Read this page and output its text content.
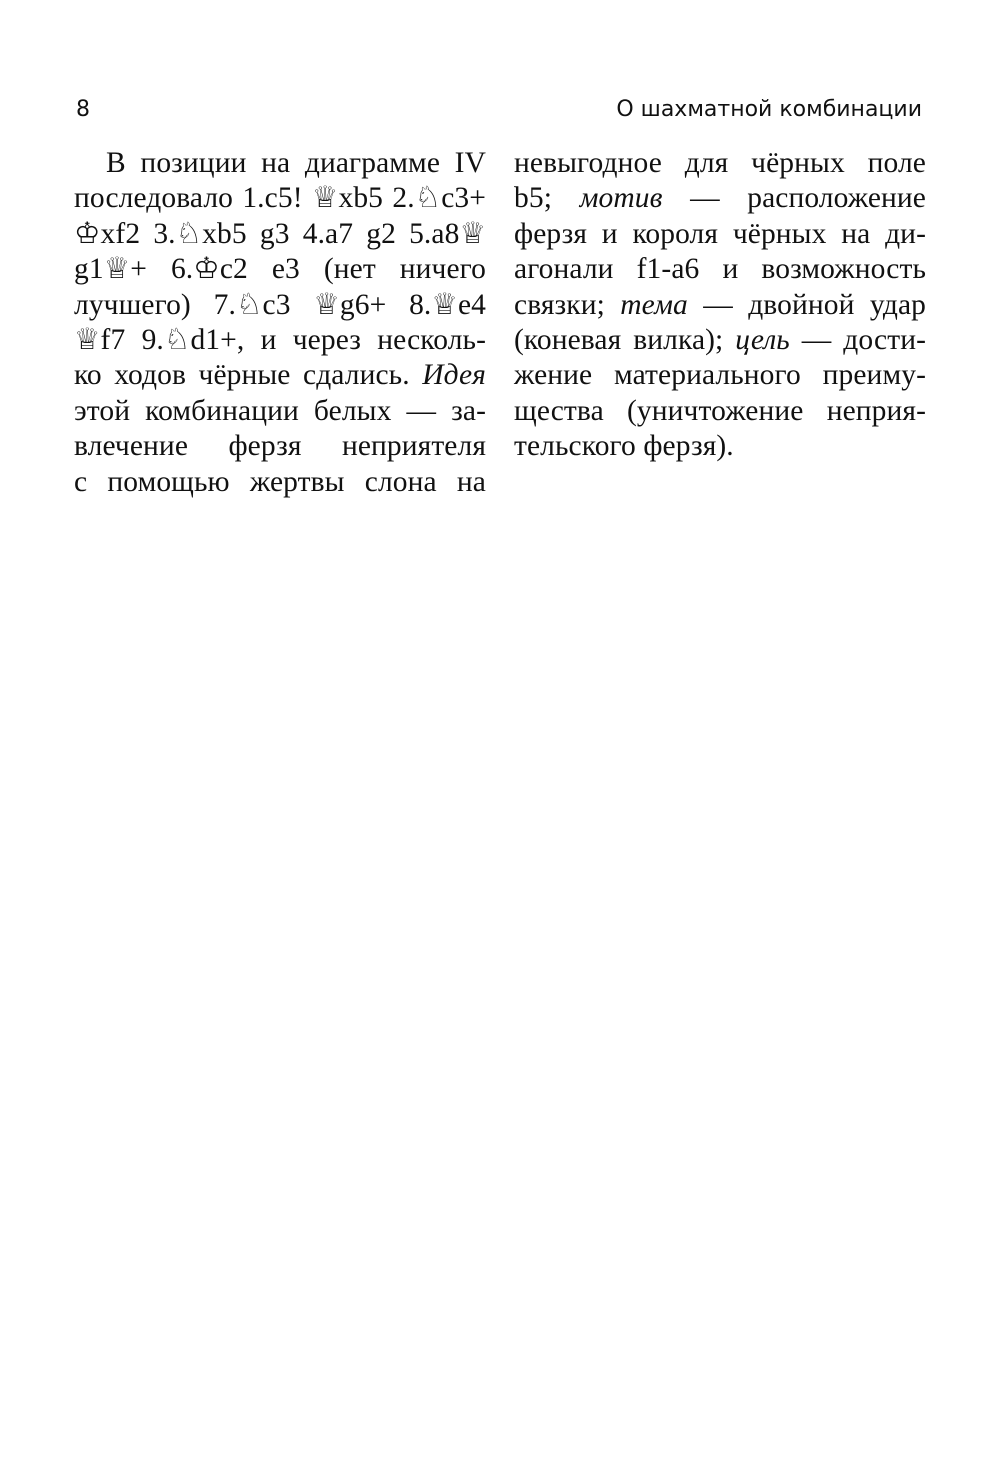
8	О шахматной комбинации
В позиции на диаграмме IV
последовало 1.c5! ♕xb5 2.♘c3+
♔xf2 3.♘xb5 g3 4.a7 g2 5.a8♕
g1♕+ 6.♔c2 e3 (нет ничего
лучшего) 7.♘c3 ♕g6+ 8.♕e4
♕f7 9.♘d1+, и через несколь-
ко ходов чёрные сдались. Идея
этой комбинации белых — за-
влечение ферзя неприятеля
с помощью жертвы слона на
невыгодное для чёрных поле
b5; мотив — расположение
ферзя и короля чёрных на ди-
агонали f1-a6 и возможность
связки; тема — двойной удар
(коневая вилка); цель — дости-
жение материального преиму-
щества (уничтожение неприя-
тельского ферзя).
